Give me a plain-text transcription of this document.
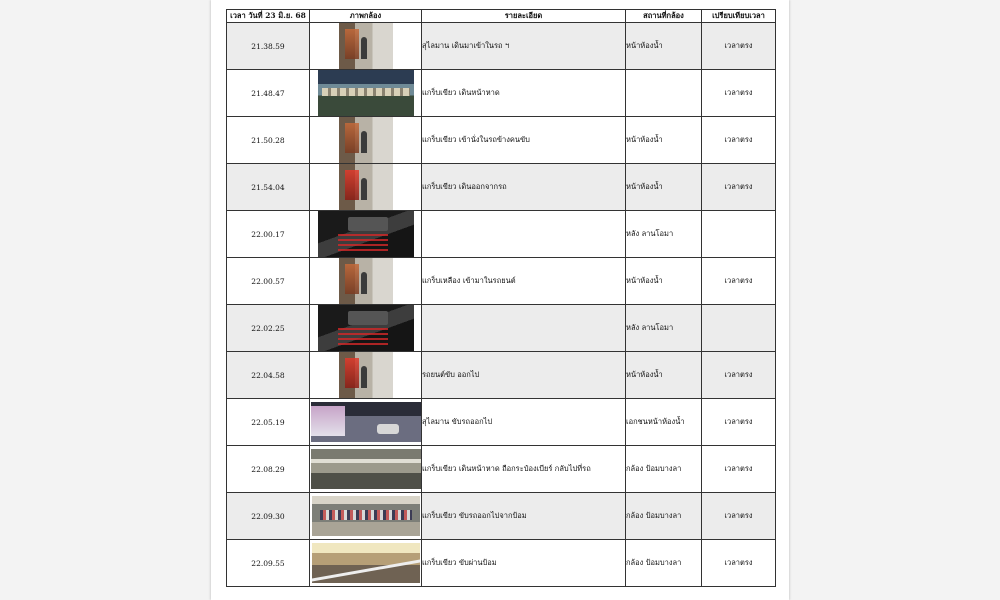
เวลา วันที่ 23 มิ.ย. 68	ภาพกล้อง	รายละเอียด	สถานที่กล้อง	เปรียบเทียบเวลา
21.38.59		สุไลมาน เดินมาเข้าในรถ ฯ	หน้าห้องน้ำ	เวลาตรง
21.48.47		แกร็บเขียว เดินหน้าหาด		เวลาตรง
21.50.28		แกร็บเขียว เข้านั่งในรถข้างคนขับ	หน้าห้องน้ำ	เวลาตรง
21.54.04		แกร็บเขียว เดินออกจากรถ	หน้าห้องน้ำ	เวลาตรง
22.00.17			หลัง ลานโอมา	
22.00.57		แกร็บเหลือง เข้ามาในรถยนต์	หน้าห้องน้ำ	เวลาตรง
22.02.25			หลัง ลานโอมา	
22.04.58		รถยนต์ขับ ออกไป	หน้าห้องน้ำ	เวลาตรง
22.05.19		สุไลมาน ขับรถออกไป	เอกชนหน้าห้องน้ำ	เวลาตรง
22.08.29		แกร็บเขียว เดินหน้าหาด ถือกระป๋องเบียร์ กลับไปที่รถ	กล้อง ป้อมบางลา	เวลาตรง
22.09.30		แกร็บเขียว ขับรถออกไปจากป้อม	กล้อง ป้อมบางลา	เวลาตรง
22.09.55		แกร็บเขียว ขับผ่านป้อม	กล้อง ป้อมบางลา	เวลาตรง
